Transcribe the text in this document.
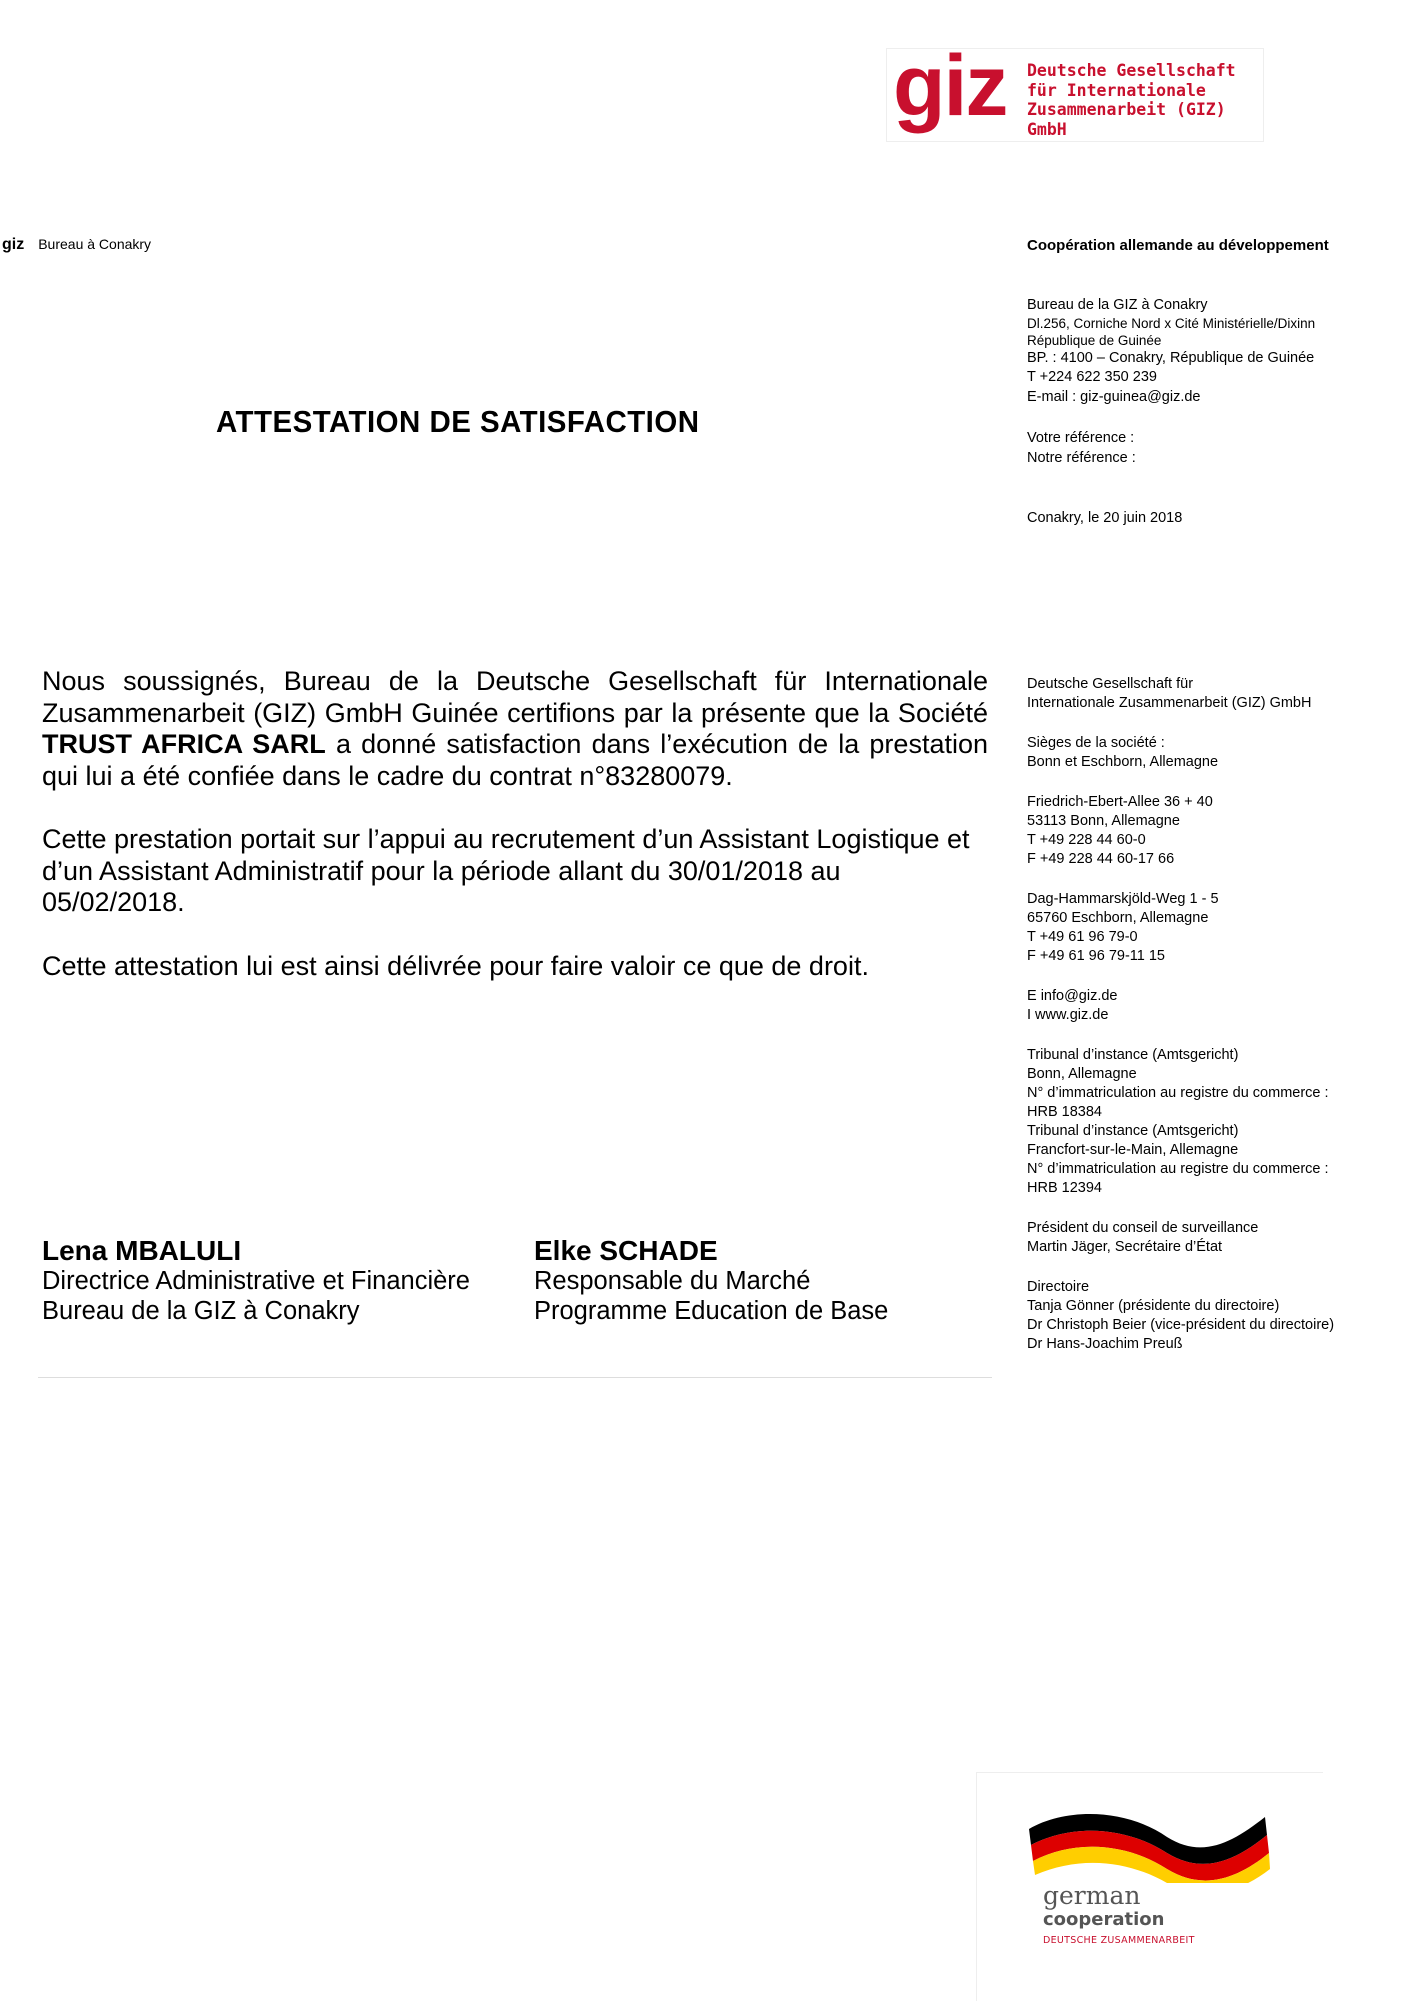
giz Deutsche Gesellschaft
für Internationale
Zusammenarbeit (GIZ) GmbH
giz Bureau à Conakry	Coopération allemande au développement
Bureau de la GIZ à Conakry
Dl.256, Corniche Nord x Cité Ministérielle/Dixinn
République de Guinée
BP. : 4100 – Conakry, République de Guinée
T +224 622 350 239
E-mail : giz-guinea@giz.de
ATTESTATION DE SATISFACTION	Votre référence :
Notre référence :
Conakry, le 20 juin 2018

Nous soussignés, Bureau de la Deutsche Gesellschaft für Internationale Zusammenarbeit (GIZ) GmbH Guinée certifions par la présente que la Société TRUST AFRICA SARL a donné satisfaction dans l’exécution de la prestation qui lui a été confiée dans le cadre du contrat n°83280079.

Cette prestation portait sur l’appui au recrutement d’un Assistant Logistique et d’un Assistant Administratif pour la période allant du 30/01/2018 au 05/02/2018.

Cette attestation lui est ainsi délivrée pour faire valoir ce que de droit.

Lena MBALULI
Directrice Administrative et Financière
Bureau de la GIZ à Conakry
Elke SCHADE
Responsable du Marché
Programme Education de Base
Deutsche Gesellschaft für
Internationale Zusammenarbeit (GIZ) GmbH
Sièges de la société :
Bonn et Eschborn, Allemagne
Friedrich-Ebert-Allee 36 + 40
53113 Bonn, Allemagne
T +49 228 44 60-0
F +49 228 44 60-17 66
Dag-Hammarskjöld-Weg 1 - 5
65760 Eschborn, Allemagne
T +49 61 96 79-0
F +49 61 96 79-11 15
E info@giz.de
I www.giz.de
Tribunal d’instance (Amtsgericht)
Bonn, Allemagne
N° d’immatriculation au registre du commerce :
HRB 18384
Tribunal d’instance (Amtsgericht)
Francfort-sur-le-Main, Allemagne
N° d’immatriculation au registre du commerce :
HRB 12394
Président du conseil de surveillance
Martin Jäger, Secrétaire d’État
Directoire
Tanja Gönner (présidente du directoire)
Dr Christoph Beier (vice-président du directoire)
Dr Hans-Joachim Preuß
german
cooperation
DEUTSCHE ZUSAMMENARBEIT
